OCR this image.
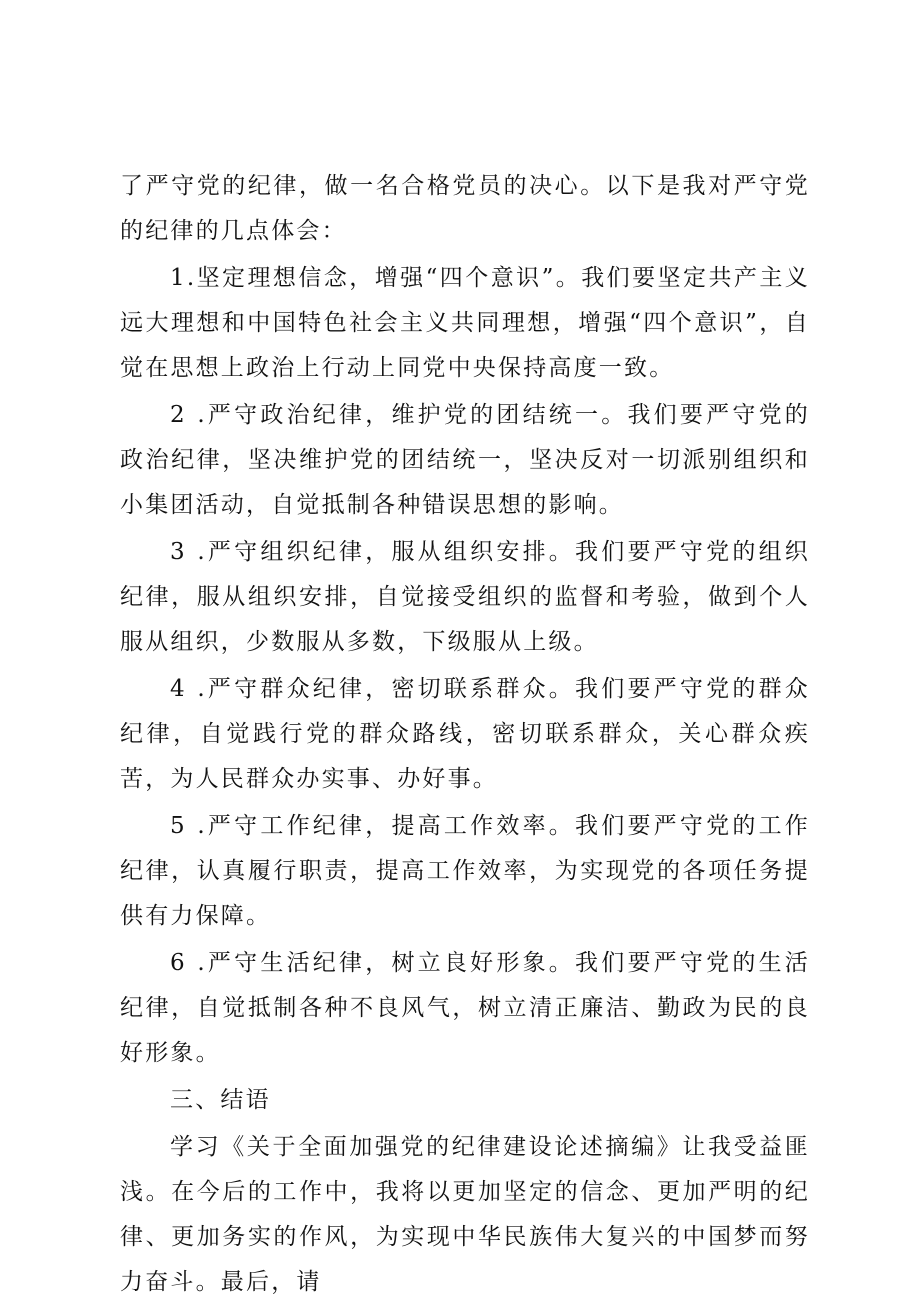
了严守党的纪律，做一名合格党员的决心。以下是我对严守党的纪律的几点体会：

1.坚定理想信念，增强“四个意识”。我们要坚定共产主义远大理想和中国特色社会主义共同理想，增强“四个意识”，自觉在思想上政治上行动上同党中央保持高度一致。

2 .严守政治纪律，维护党的团结统一。我们要严守党的政治纪律，坚决维护党的团结统一，坚决反对一切派别组织和小集团活动，自觉抵制各种错误思想的影响。

3 .严守组织纪律，服从组织安排。我们要严守党的组织纪律，服从组织安排，自觉接受组织的监督和考验，做到个人服从组织，少数服从多数，下级服从上级。

4 .严守群众纪律，密切联系群众。我们要严守党的群众纪律，自觉践行党的群众路线，密切联系群众，关心群众疾苦，为人民群众办实事、办好事。

5 .严守工作纪律，提高工作效率。我们要严守党的工作纪律，认真履行职责，提高工作效率，为实现党的各项任务提供有力保障。

6 .严守生活纪律，树立良好形象。我们要严守党的生活纪律，自觉抵制各种不良风气，树立清正廉洁、勤政为民的良好形象。

三、结语

学习《关于全面加强党的纪律建设论述摘编》让我受益匪浅。在今后的工作中，我将以更加坚定的信念、更加严明的纪律、更加务实的作风，为实现中华民族伟大复兴的中国梦而努力奋斗。最后，请
